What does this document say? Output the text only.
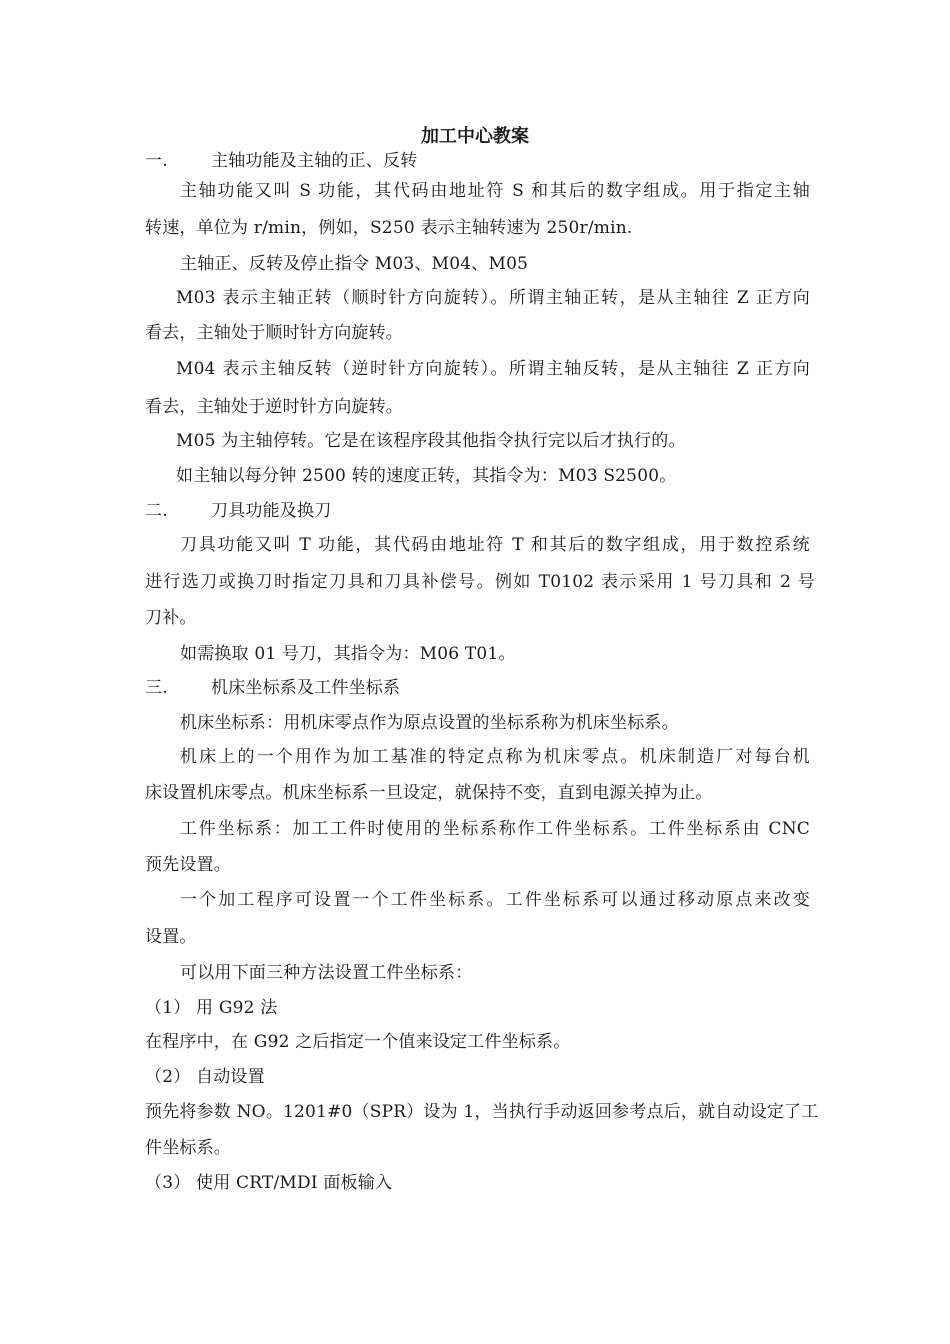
加工中心教案
一.	主轴功能及主轴的正、反转
主轴功能又叫 S 功能，其代码由地址符 S 和其后的数字组成。用于指定主轴
转速，单位为 r/min，例如，S250 表示主轴转速为 250r/min.
主轴正、反转及停止指令 M03、M04、M05
M03 表示主轴正转（顺时针方向旋转）。所谓主轴正转，是从主轴往 Z 正方向
看去，主轴处于顺时针方向旋转。
M04 表示主轴反转（逆时针方向旋转）。所谓主轴反转，是从主轴往 Z 正方向
看去，主轴处于逆时针方向旋转。
M05 为主轴停转。它是在该程序段其他指令执行完以后才执行的。
如主轴以每分钟 2500 转的速度正转，其指令为：M03 S2500。
二.	刀具功能及换刀
刀具功能又叫 T 功能，其代码由地址符 T 和其后的数字组成，用于数控系统
进行选刀或换刀时指定刀具和刀具补偿号。例如 T0102 表示采用 1 号刀具和 2 号
刀补。
如需换取 01 号刀，其指令为：M06 T01。
三.	机床坐标系及工件坐标系
机床坐标系：用机床零点作为原点设置的坐标系称为机床坐标系。
机床上的一个用作为加工基准的特定点称为机床零点。机床制造厂对每台机
床设置机床零点。机床坐标系一旦设定，就保持不变，直到电源关掉为止。
工件坐标系：加工工件时使用的坐标系称作工件坐标系。工件坐标系由 CNC
预先设置。
一个加工程序可设置一个工件坐标系。工件坐标系可以通过移动原点来改变
设置。
可以用下面三种方法设置工件坐标系：
（1） 用 G92 法
在程序中，在 G92 之后指定一个值来设定工件坐标系。
（2） 自动设置
预先将参数 NO。1201#0（SPR）设为 1，当执行手动返回参考点后，就自动设定了工
件坐标系。
（3） 使用 CRT/MDI 面板输入
